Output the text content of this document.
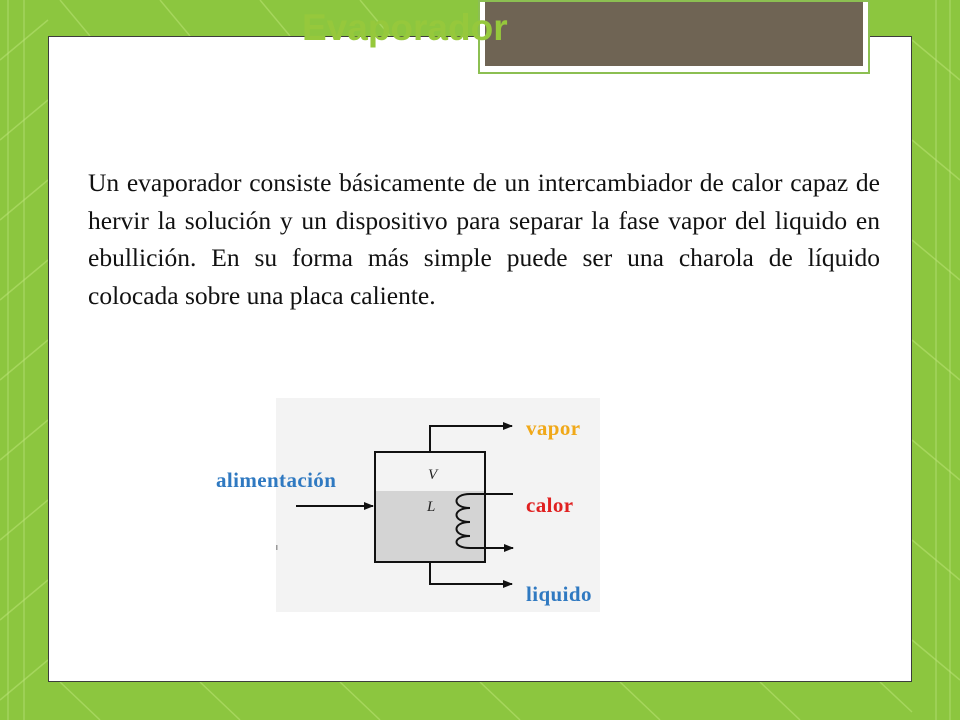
Evaporador

Un evaporador consiste básicamente de un intercambiador de calor capaz de hervir la solución y un dispositivo para separar la fase vapor del liquido en ebullición. En su forma más simple puede ser una charola de líquido colocada sobre una placa caliente.

V
L
alimentación
vapor
calor
liquido
